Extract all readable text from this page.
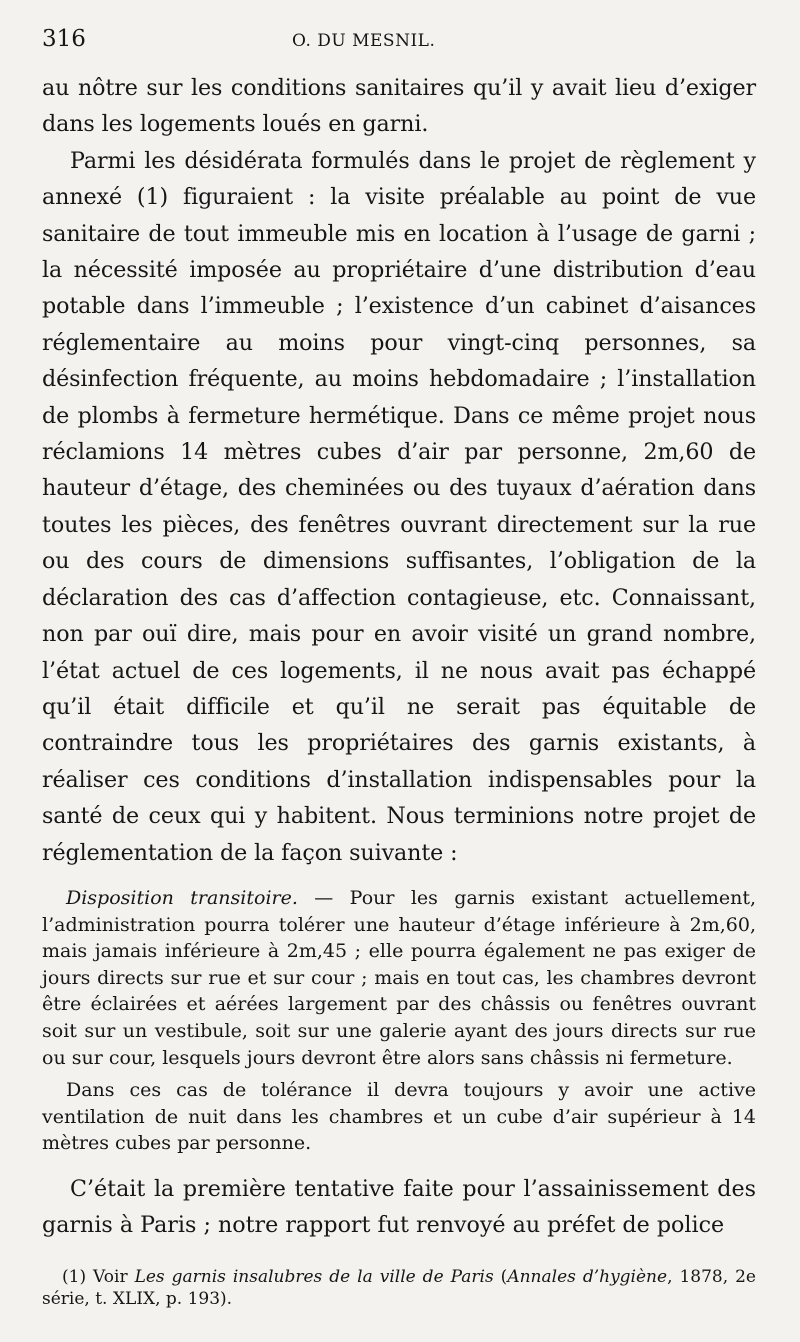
316	O. DU MESNIL.

au nôtre sur les conditions sanitaires qu’il y avait lieu d’exiger dans les logements loués en garni.

Parmi les désidérata formulés dans le projet de règlement y annexé (1) figuraient : la visite préalable au point de vue sanitaire de tout immeuble mis en location à l’usage de garni ; la nécessité imposée au propriétaire d’une distribution d’eau potable dans l’immeuble ; l’existence d’un cabinet d’aisances réglementaire au moins pour vingt-cinq personnes, sa désinfection fréquente, au moins hebdomadaire ; l’installation de plombs à fermeture hermétique. Dans ce même projet nous réclamions 14 mètres cubes d’air par personne, 2m,60 de hauteur d’étage, des cheminées ou des tuyaux d’aération dans toutes les pièces, des fenêtres ouvrant directement sur la rue ou des cours de dimensions suffisantes, l’obligation de la déclaration des cas d’affection contagieuse, etc. Connaissant, non par ouï dire, mais pour en avoir visité un grand nombre, l’état actuel de ces logements, il ne nous avait pas échappé qu’il était difficile et qu’il ne serait pas équitable de contraindre tous les propriétaires des garnis existants, à réaliser ces conditions d’installation indispensables pour la santé de ceux qui y habitent. Nous terminions notre projet de réglementation de la façon suivante :

Disposition transitoire. — Pour les garnis existant actuellement, l’administration pourra tolérer une hauteur d’étage inférieure à 2m,60, mais jamais inférieure à 2m,45 ; elle pourra également ne pas exiger de jours directs sur rue et sur cour ; mais en tout cas, les chambres devront être éclairées et aérées largement par des châssis ou fenêtres ouvrant soit sur un vestibule, soit sur une galerie ayant des jours directs sur rue ou sur cour, lesquels jours devront être alors sans châssis ni fermeture.

Dans ces cas de tolérance il devra toujours y avoir une active ventilation de nuit dans les chambres et un cube d’air supérieur à 14 mètres cubes par personne.

C’était la première tentative faite pour l’assainissement des garnis à Paris ; notre rapport fut renvoyé au préfet de police

(1) Voir Les garnis insalubres de la ville de Paris (Annales d’hygiène, 1878, 2e série, t. XLIX, p. 193).
